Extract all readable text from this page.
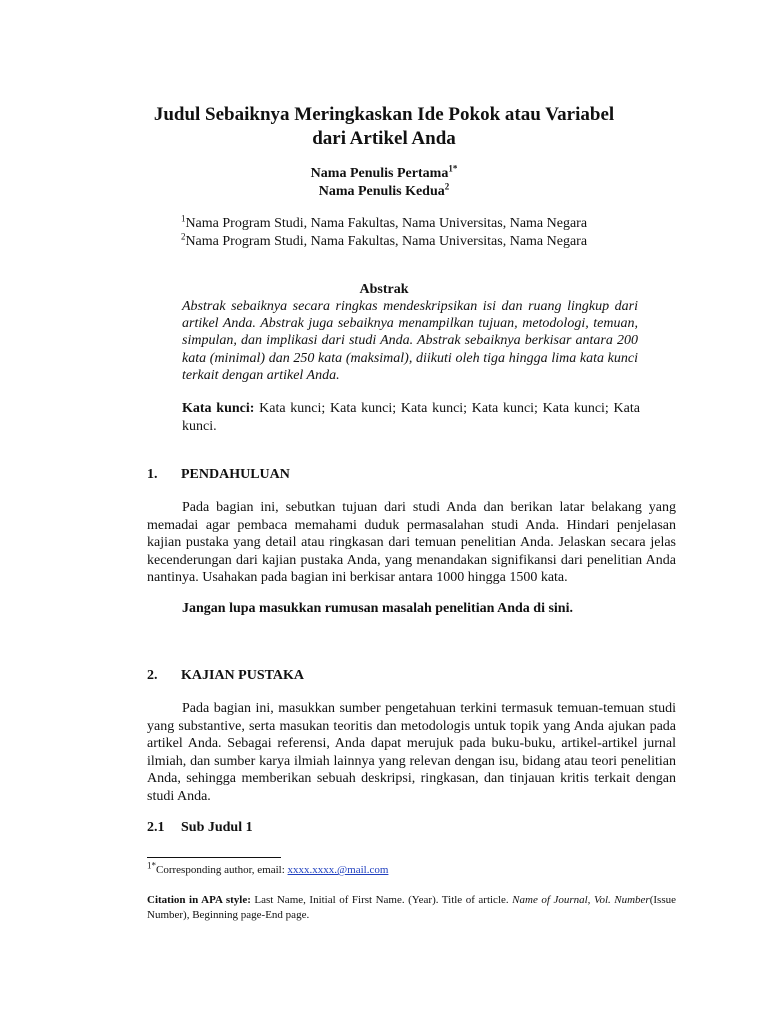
Judul Sebaiknya Meringkaskan Ide Pokok atau Variabel
dari Artikel Anda
Nama Penulis Pertama$^{1*}$
Nama Penulis Kedua$^2$
$^1$Nama Program Studi, Nama Fakultas, Nama Universitas, Nama Negara
$^2$Nama Program Studi, Nama Fakultas, Nama Universitas, Nama Negara
Abstrak
Abstrak sebaiknya secara ringkas mendeskripsikan isi dan ruang lingkup dari artikel Anda. Abstrak juga sebaiknya menampilkan tujuan, metodologi, temuan, simpulan, dan implikasi dari studi Anda. Abstrak sebaiknya berkisar antara 200 kata (minimal) dan 250 kata (maksimal), diikuti oleh tiga hingga lima kata kunci terkait dengan artikel Anda.
Kata kunci: Kata kunci; Kata kunci; Kata kunci; Kata kunci; Kata kunci; Kata kunci.
1. PENDAHULUAN
Pada bagian ini, sebutkan tujuan dari studi Anda dan berikan latar belakang yang memadai agar pembaca memahami duduk permasalahan studi Anda. Hindari penjelasan kajian pustaka yang detail atau ringkasan dari temuan penelitian Anda. Jelaskan secara jelas kecenderungan dari kajian pustaka Anda, yang menandakan signifikansi dari penelitian Anda nantinya. Usahakan pada bagian ini berkisar antara 1000 hingga 1500 kata.
Jangan lupa masukkan rumusan masalah penelitian Anda di sini.
2. KAJIAN PUSTAKA
Pada bagian ini, masukkan sumber pengetahuan terkini termasuk temuan-temuan studi yang substantive, serta masukan teoritis dan metodologis untuk topik yang Anda ajukan pada artikel Anda. Sebagai referensi, Anda dapat merujuk pada buku-buku, artikel-artikel jurnal ilmiah, dan sumber karya ilmiah lainnya yang relevan dengan isu, bidang atau teori penelitian Anda, sehingga memberikan sebuah deskripsi, ringkasan, dan tinjauan kritis terkait dengan studi Anda.
2.1 Sub Judul 1
$^{1*}$Corresponding author, email: xxxx.xxxx.@mail.com
Citation in APA style: Last Name, Initial of First Name. (Year). Title of article. Name of Journal, Vol. Number(Issue Number), Beginning page-End page.
